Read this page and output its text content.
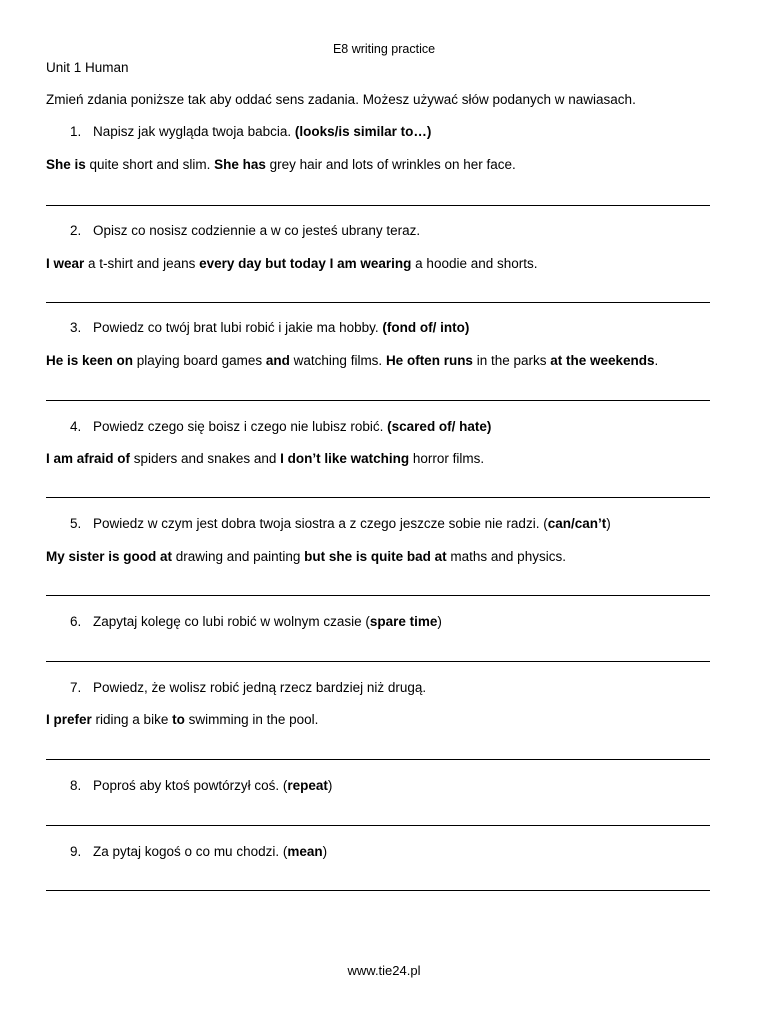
E8 writing practice
Unit 1 Human
Zmień zdania poniższe tak aby oddać sens zadania. Możesz używać słów podanych w nawiasach.
1. Napisz jak wygląda twoja babcia. (looks/is similar to…)
She is quite short and slim. She has grey hair and lots of wrinkles on her face.
2. Opisz co nosisz codziennie a w co jesteś ubrany teraz.
I wear a t-shirt and jeans every day but today I am wearing a hoodie and shorts.
3. Powiedz co twój brat lubi robić i jakie ma hobby. (fond of/ into)
He is keen on playing board games and watching films. He often runs in the parks at the weekends.
4. Powiedz czego się boisz i czego nie lubisz robić. (scared of/ hate)
I am afraid of spiders and snakes and I don’t like watching horror films.
5. Powiedz w czym jest dobra twoja siostra a z czego jeszcze sobie nie radzi. (can/can’t)
My sister is good at drawing and painting but she is quite bad at maths and physics.
6. Zapytaj kolegę co lubi robić w wolnym czasie (spare time)
7. Powiedz, że wolisz robić jedną rzecz bardziej niż drugą.
I prefer riding a bike to swimming in the pool.
8. Poproś aby ktoś powtórzył coś. (repeat)
9. Za pytaj kogoś o co mu chodzi. (mean)
www.tie24.pl
